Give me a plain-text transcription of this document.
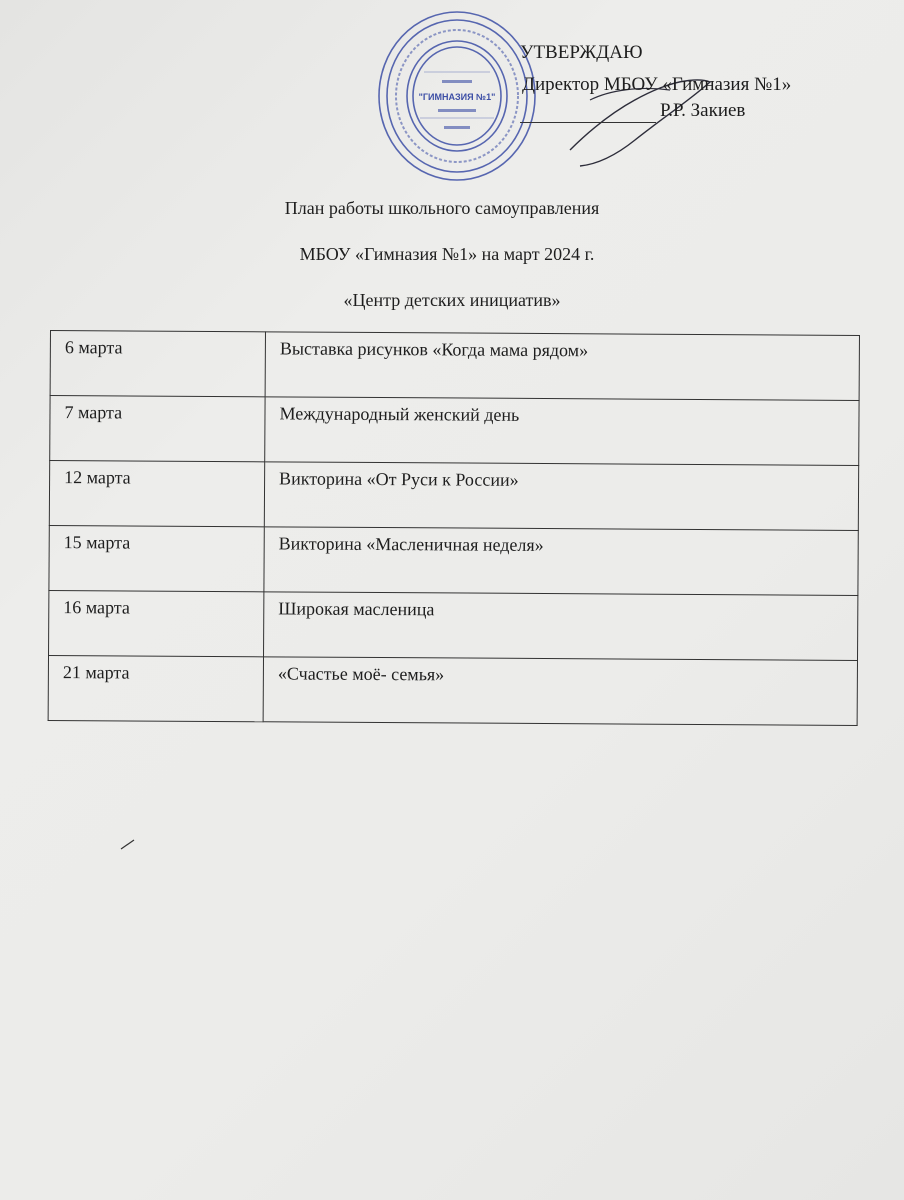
"ГИМНАЗИЯ №1"
УТВЕРЖДАЮ
Директор МБОУ «Гимназия №1»
Р.Р. Закиев
План работы школьного самоуправления
МБОУ «Гимназия №1» на март 2024 г.
«Центр детских инициатив»
6 марта	Выставка рисунков «Когда мама рядом»
7 марта	Международный женский день
12 марта	Викторина «От Руси к России»
15 марта	Викторина «Масленичная неделя»
16 марта	Широкая масленица
21 марта	«Счастье моё- семья»
